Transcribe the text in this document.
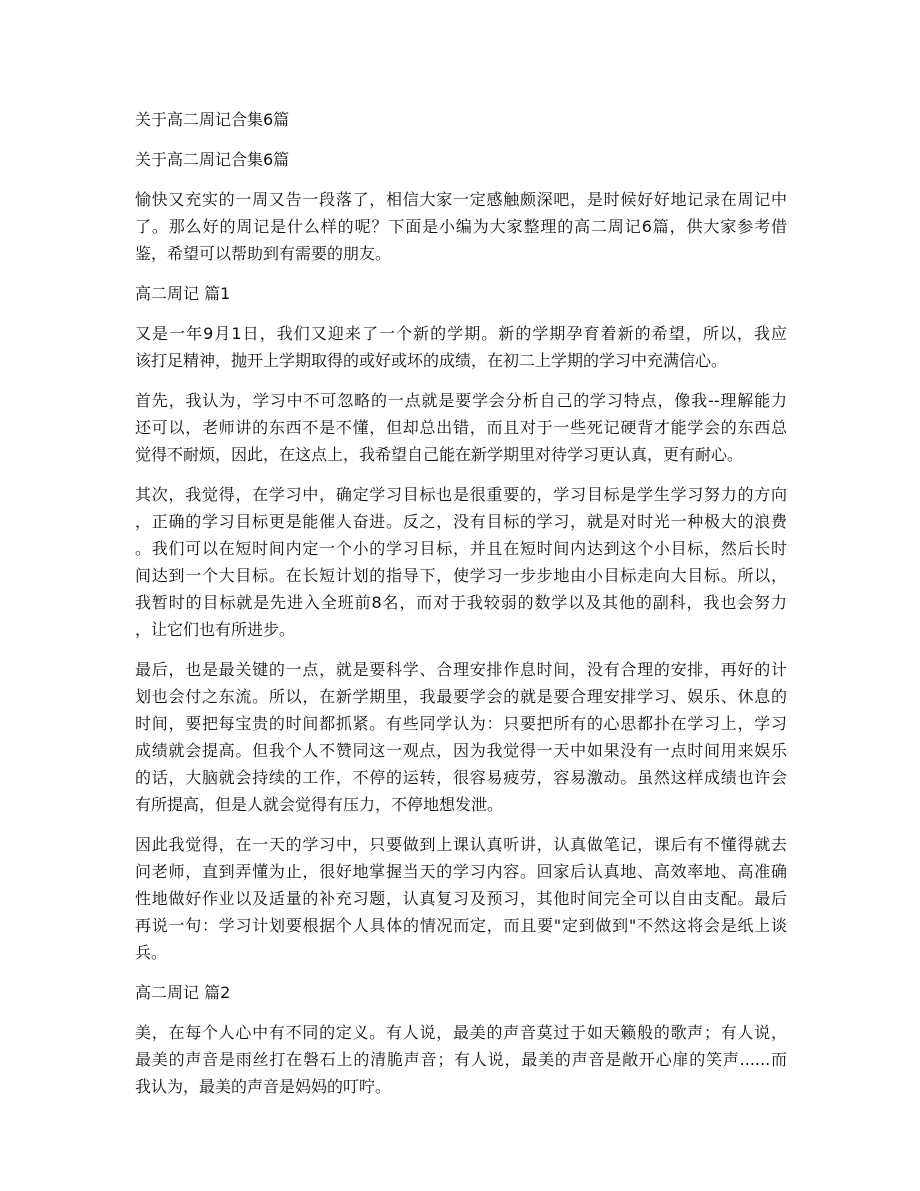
关于高二周记合集6篇
关于高二周记合集6篇
愉快又充实的一周又告一段落了，相信大家一定感触颇深吧，是时候好好地记录在周记中
了。那么好的周记是什么样的呢？下面是小编为大家整理的高二周记6篇，供大家参考借
鉴，希望可以帮助到有需要的朋友。
高二周记 篇1
又是一年9月1日，我们又迎来了一个新的学期。新的学期孕育着新的希望，所以，我应
该打足精神，抛开上学期取得的或好或坏的成绩，在初二上学期的学习中充满信心。
首先，我认为，学习中不可忽略的一点就是要学会分析自己的学习特点，像我--理解能力
还可以，老师讲的东西不是不懂，但却总出错，而且对于一些死记硬背才能学会的东西总
觉得不耐烦，因此，在这点上，我希望自己能在新学期里对待学习更认真，更有耐心。
其次，我觉得，在学习中，确定学习目标也是很重要的，学习目标是学生学习努力的方向
，正确的学习目标更是能催人奋进。反之，没有目标的学习，就是对时光一种极大的浪费
。我们可以在短时间内定一个小的学习目标，并且在短时间内达到这个小目标，然后长时
间达到一个大目标。在长短计划的指导下，使学习一步步地由小目标走向大目标。所以，
我暂时的目标就是先进入全班前8名，而对于我较弱的数学以及其他的副科，我也会努力
，让它们也有所进步。
最后，也是最关键的一点，就是要科学、合理安排作息时间，没有合理的安排，再好的计
划也会付之东流。所以，在新学期里，我最要学会的就是要合理安排学习、娱乐、休息的
时间，要把每宝贵的时间都抓紧。有些同学认为：只要把所有的心思都扑在学习上，学习
成绩就会提高。但我个人不赞同这一观点，因为我觉得一天中如果没有一点时间用来娱乐
的话，大脑就会持续的工作，不停的运转，很容易疲劳，容易激动。虽然这样成绩也许会
有所提高，但是人就会觉得有压力，不停地想发泄。
因此我觉得，在一天的学习中，只要做到上课认真听讲，认真做笔记，课后有不懂得就去
问老师，直到弄懂为止，很好地掌握当天的学习内容。回家后认真地、高效率地、高准确
性地做好作业以及适量的补充习题，认真复习及预习，其他时间完全可以自由支配。最后
再说一句：学习计划要根据个人具体的情况而定，而且要"定到做到"不然这将会是纸上谈
兵。
高二周记 篇2
美，在每个人心中有不同的定义。有人说，最美的声音莫过于如天籁般的歌声；有人说，
最美的声音是雨丝打在磐石上的清脆声音；有人说，最美的声音是敞开心扉的笑声......而
我认为，最美的声音是妈妈的叮咛。
